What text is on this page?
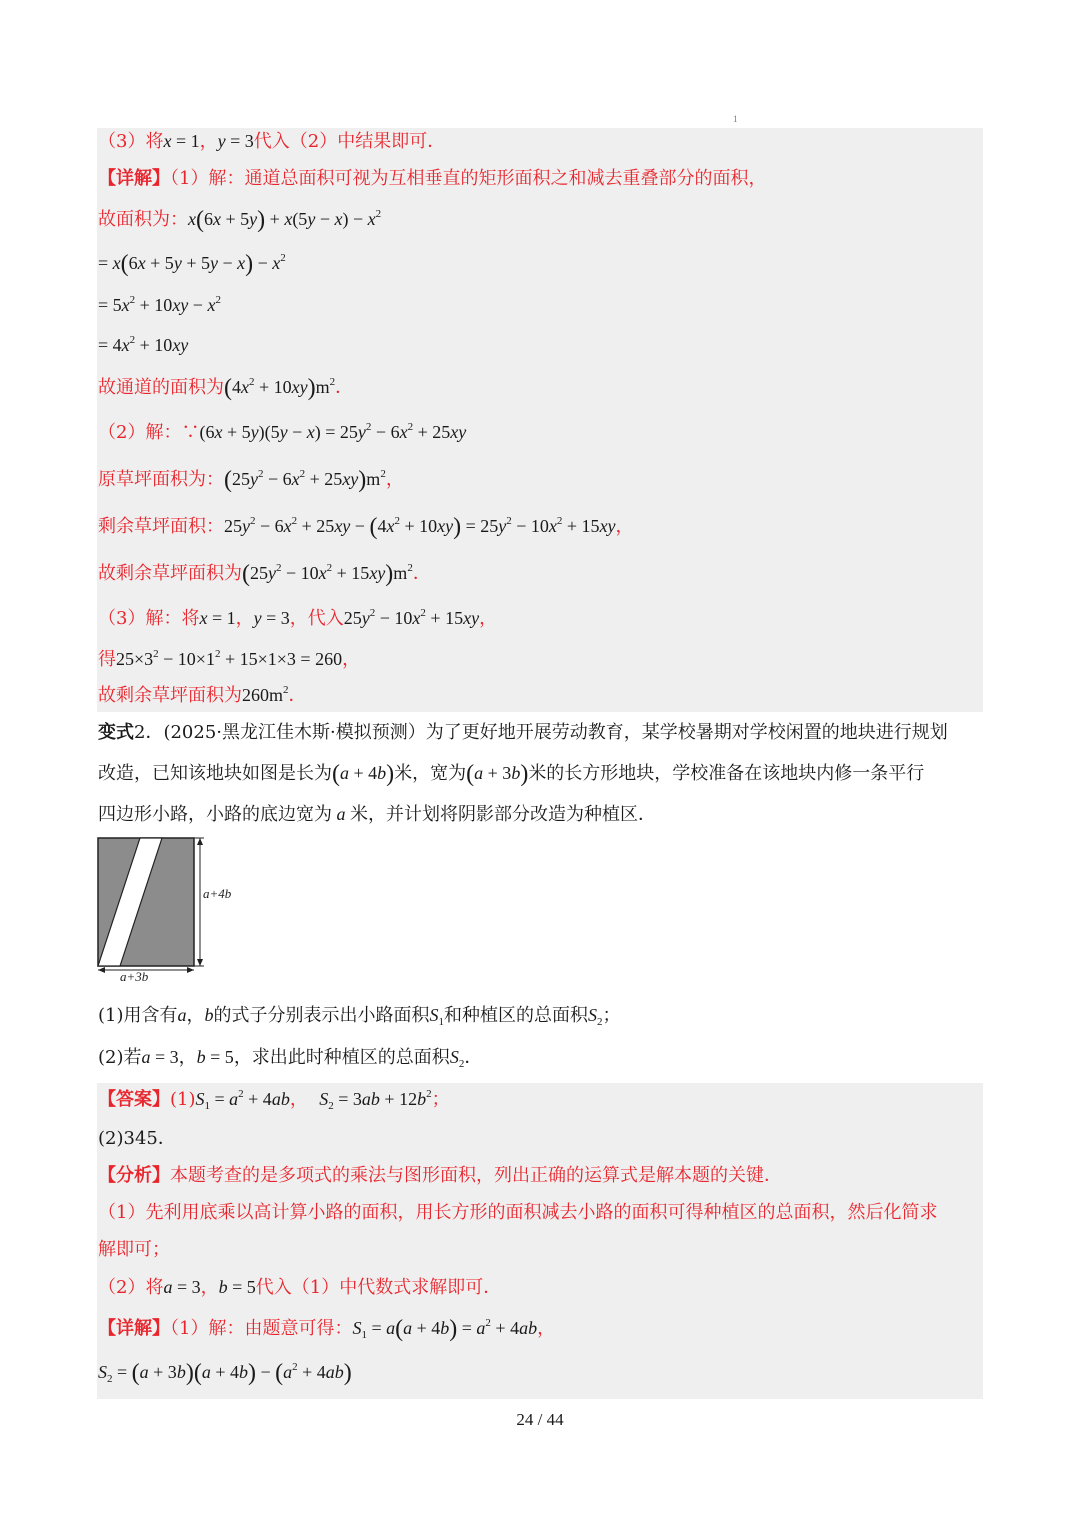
1
（3）将x = 1，y = 3代入（2）中结果即可．
【详解】（1）解：通道总面积可视为互相垂直的矩形面积之和减去重叠部分的面积，
故面积为：$x(6x + 5y) + x(5y - x) - x^2$
= $x(6x + 5y + 5y - x) - x^2$
= $5x^2 + 10xy - x^2$
= $4x^2 + 10xy$
故通道的面积为$(4x^2 + 10xy)m^2$．
（2）解：∵(6x + $5y)(5y - x) = 25y^2 - 6x^2 + 25xy$
原草坪面积为：$(25y^2 - 6x^2 + 25xy)m^2$，
剩余草坪面积：$25y^2 - 6x^2 + 25xy - (4x^2 + 10xy) = 25y^2 - 10x^2 + 15xy$，
故剩余草坪面积为$(25y^2 - 10x^2 + 15xy)m^2$．
（3）解：将x = 1，y = 3，代入$25y^2 - 10x^2 + 15xy$，
得$25\times 3^2 - 10\times 1^2 + 15\times 1\times 3 = 260$，
故剩余草坪面积为$260m^2$．
变式2．(2025·黑龙江佳木斯·模拟预测）为了更好地开展劳动教育，某学校暑期对学校闲置的地块进行规划
改造，已知该地块如图是长为(a + 4b)米，宽为(a + 3b)米的长方形地块，学校准备在该地块内修一条平行
四边形小路，小路的底边宽为 a 米，并计划将阴影部分改造为种植区．
a+4b
a+3b
(1)用含有a，b的式子分别表示出小路面积$S_1$和种植区的总面积$S_2$；
(2)若a = 3，b = 5，求出此时种植区的总面积$S_2$．
【答案】$(1)S_1 = a^2 + 4ab$， $S_2 = 3ab + 12b^2$；
(2)345．
【分析】本题考查的是多项式的乘法与图形面积，列出正确的运算式是解本题的关键．
（1）先利用底乘以高计算小路的面积，用长方形的面积减去小路的面积可得种植区的总面积，然后化简求
解即可；
（2）将a = 3，b = 5代入（1）中代数式求解即可．
【详解】（1）解：由题意可得：$S_1 = a(a + 4b) = a^2 + 4ab$，
$S_2 = (a + 3b)(a + 4b) - (a^2 + 4ab)$
24 / 44
